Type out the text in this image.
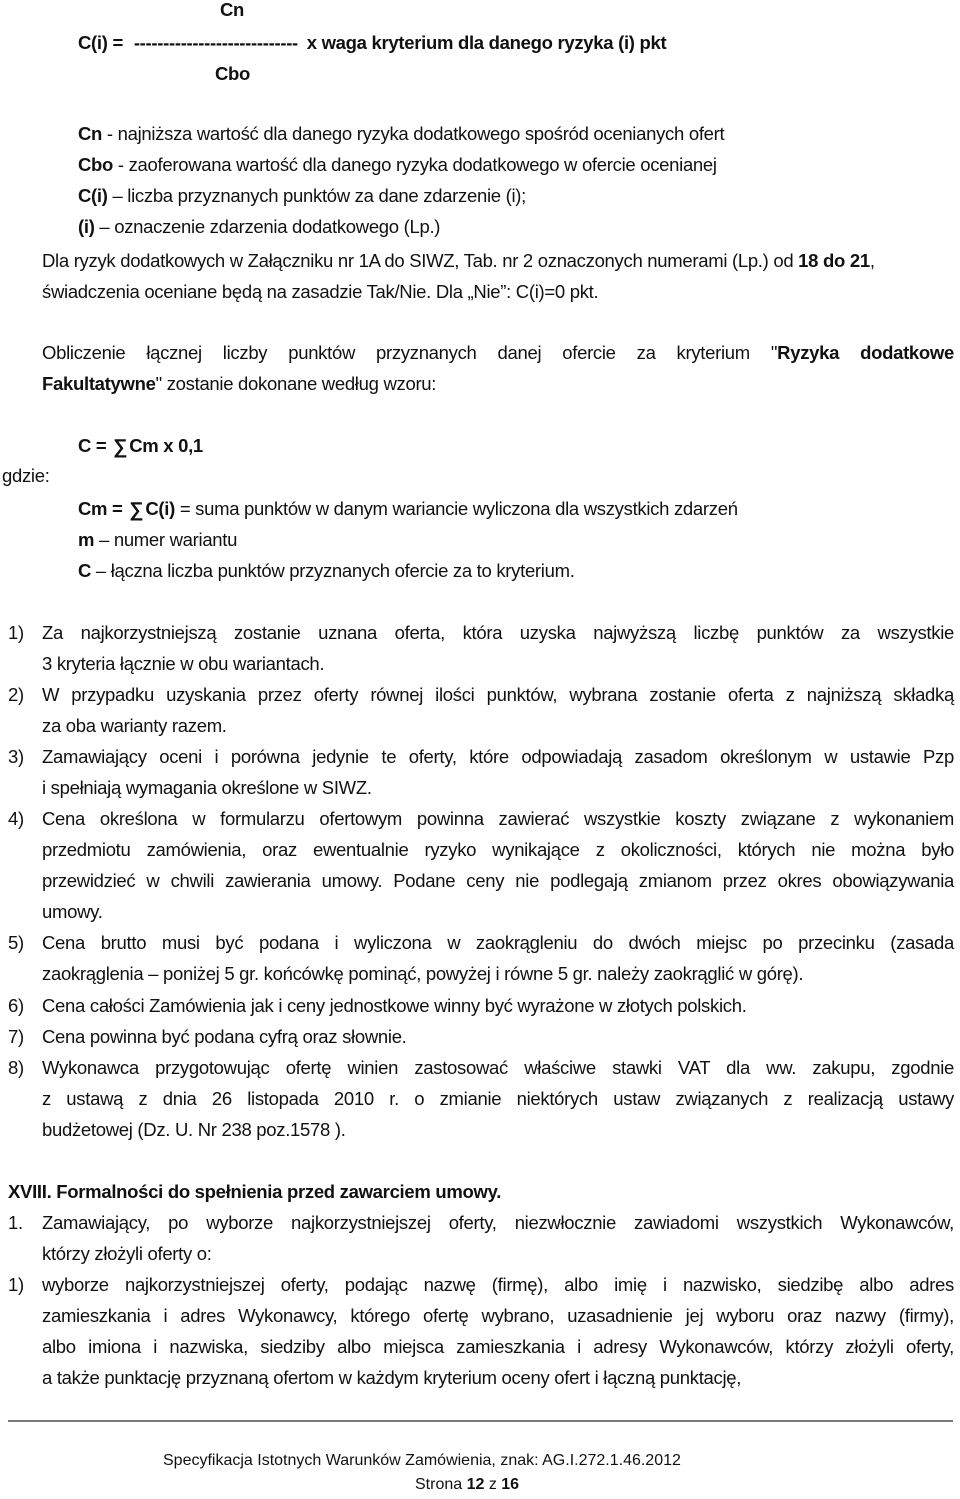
Cn
C(i) = ---------------------------- x waga kryterium dla danego ryzyka (i) pkt
Cbo
Cn - najniższa wartość dla danego ryzyka dodatkowego spośród ocenianych ofert
Cbo - zaoferowana wartość dla danego ryzyka dodatkowego w ofercie ocenianej
C(i) – liczba przyznanych punktów za dane zdarzenie (i);
(i) – oznaczenie zdarzenia dodatkowego (Lp.)
Dla ryzyk dodatkowych w Załączniku nr 1A do SIWZ, Tab. nr 2 oznaczonych numerami (Lp.) od 18 do 21,
świadczenia oceniane będą na zasadzie Tak/Nie. Dla „Nie”: C(i)=0 pkt.
Obliczenie łącznej liczby punktów przyznanych danej ofercie za kryterium "Ryzyka dodatkowe
Fakultatywne" zostanie dokonane według wzoru:
C = ∑ Cm x 0,1
gdzie:
Cm = ∑ C(i) = suma punktów w danym wariancie wyliczona dla wszystkich zdarzeń
m – numer wariantu
C – łączna liczba punktów przyznanych ofercie za to kryterium.
1) Za najkorzystniejszą zostanie uznana oferta, która uzyska najwyższą liczbę punktów za wszystkie
3 kryteria łącznie w obu wariantach.
2) W przypadku uzyskania przez oferty równej ilości punktów, wybrana zostanie oferta z najniższą składką
za oba warianty razem.
3) Zamawiający oceni i porówna jedynie te oferty, które odpowiadają zasadom określonym w ustawie Pzp
i spełniają wymagania określone w SIWZ.
4) Cena określona w formularzu ofertowym powinna zawierać wszystkie koszty związane z wykonaniem
przedmiotu zamówienia, oraz ewentualnie ryzyko wynikające z okoliczności, których nie można było
przewidzieć w chwili zawierania umowy. Podane ceny nie podlegają zmianom przez okres obowiązywania
umowy.
5) Cena brutto musi być podana i wyliczona w zaokrągleniu do dwóch miejsc po przecinku (zasada
zaokrąglenia – poniżej 5 gr. końcówkę pominąć, powyżej i równe 5 gr. należy zaokrąglić w górę).
6) Cena całości Zamówienia jak i ceny jednostkowe winny być wyrażone w złotych polskich.
7) Cena powinna być podana cyfrą oraz słownie.
8) Wykonawca przygotowując ofertę winien zastosować właściwe stawki VAT dla ww. zakupu, zgodnie
z ustawą z dnia 26 listopada 2010 r. o zmianie niektórych ustaw związanych z realizacją ustawy
budżetowej (Dz. U. Nr 238 poz.1578 ).
XVIII. Formalności do spełnienia przed zawarciem umowy.
1. Zamawiający, po wyborze najkorzystniejszej oferty, niezwłocznie zawiadomi wszystkich Wykonawców,
którzy złożyli oferty o:
1) wyborze najkorzystniejszej oferty, podając nazwę (firmę), albo imię i nazwisko, siedzibę albo adres
zamieszkania i adres Wykonawcy, którego ofertę wybrano, uzasadnienie jej wyboru oraz nazwy (firmy),
albo imiona i nazwiska, siedziby albo miejsca zamieszkania i adresy Wykonawców, którzy złożyli oferty,
a także punktację przyznaną ofertom w każdym kryterium oceny ofert i łączną punktację,
Specyfikacja Istotnych Warunków Zamówienia, znak: AG.I.272.1.46.2012
Strona 12 z 16
